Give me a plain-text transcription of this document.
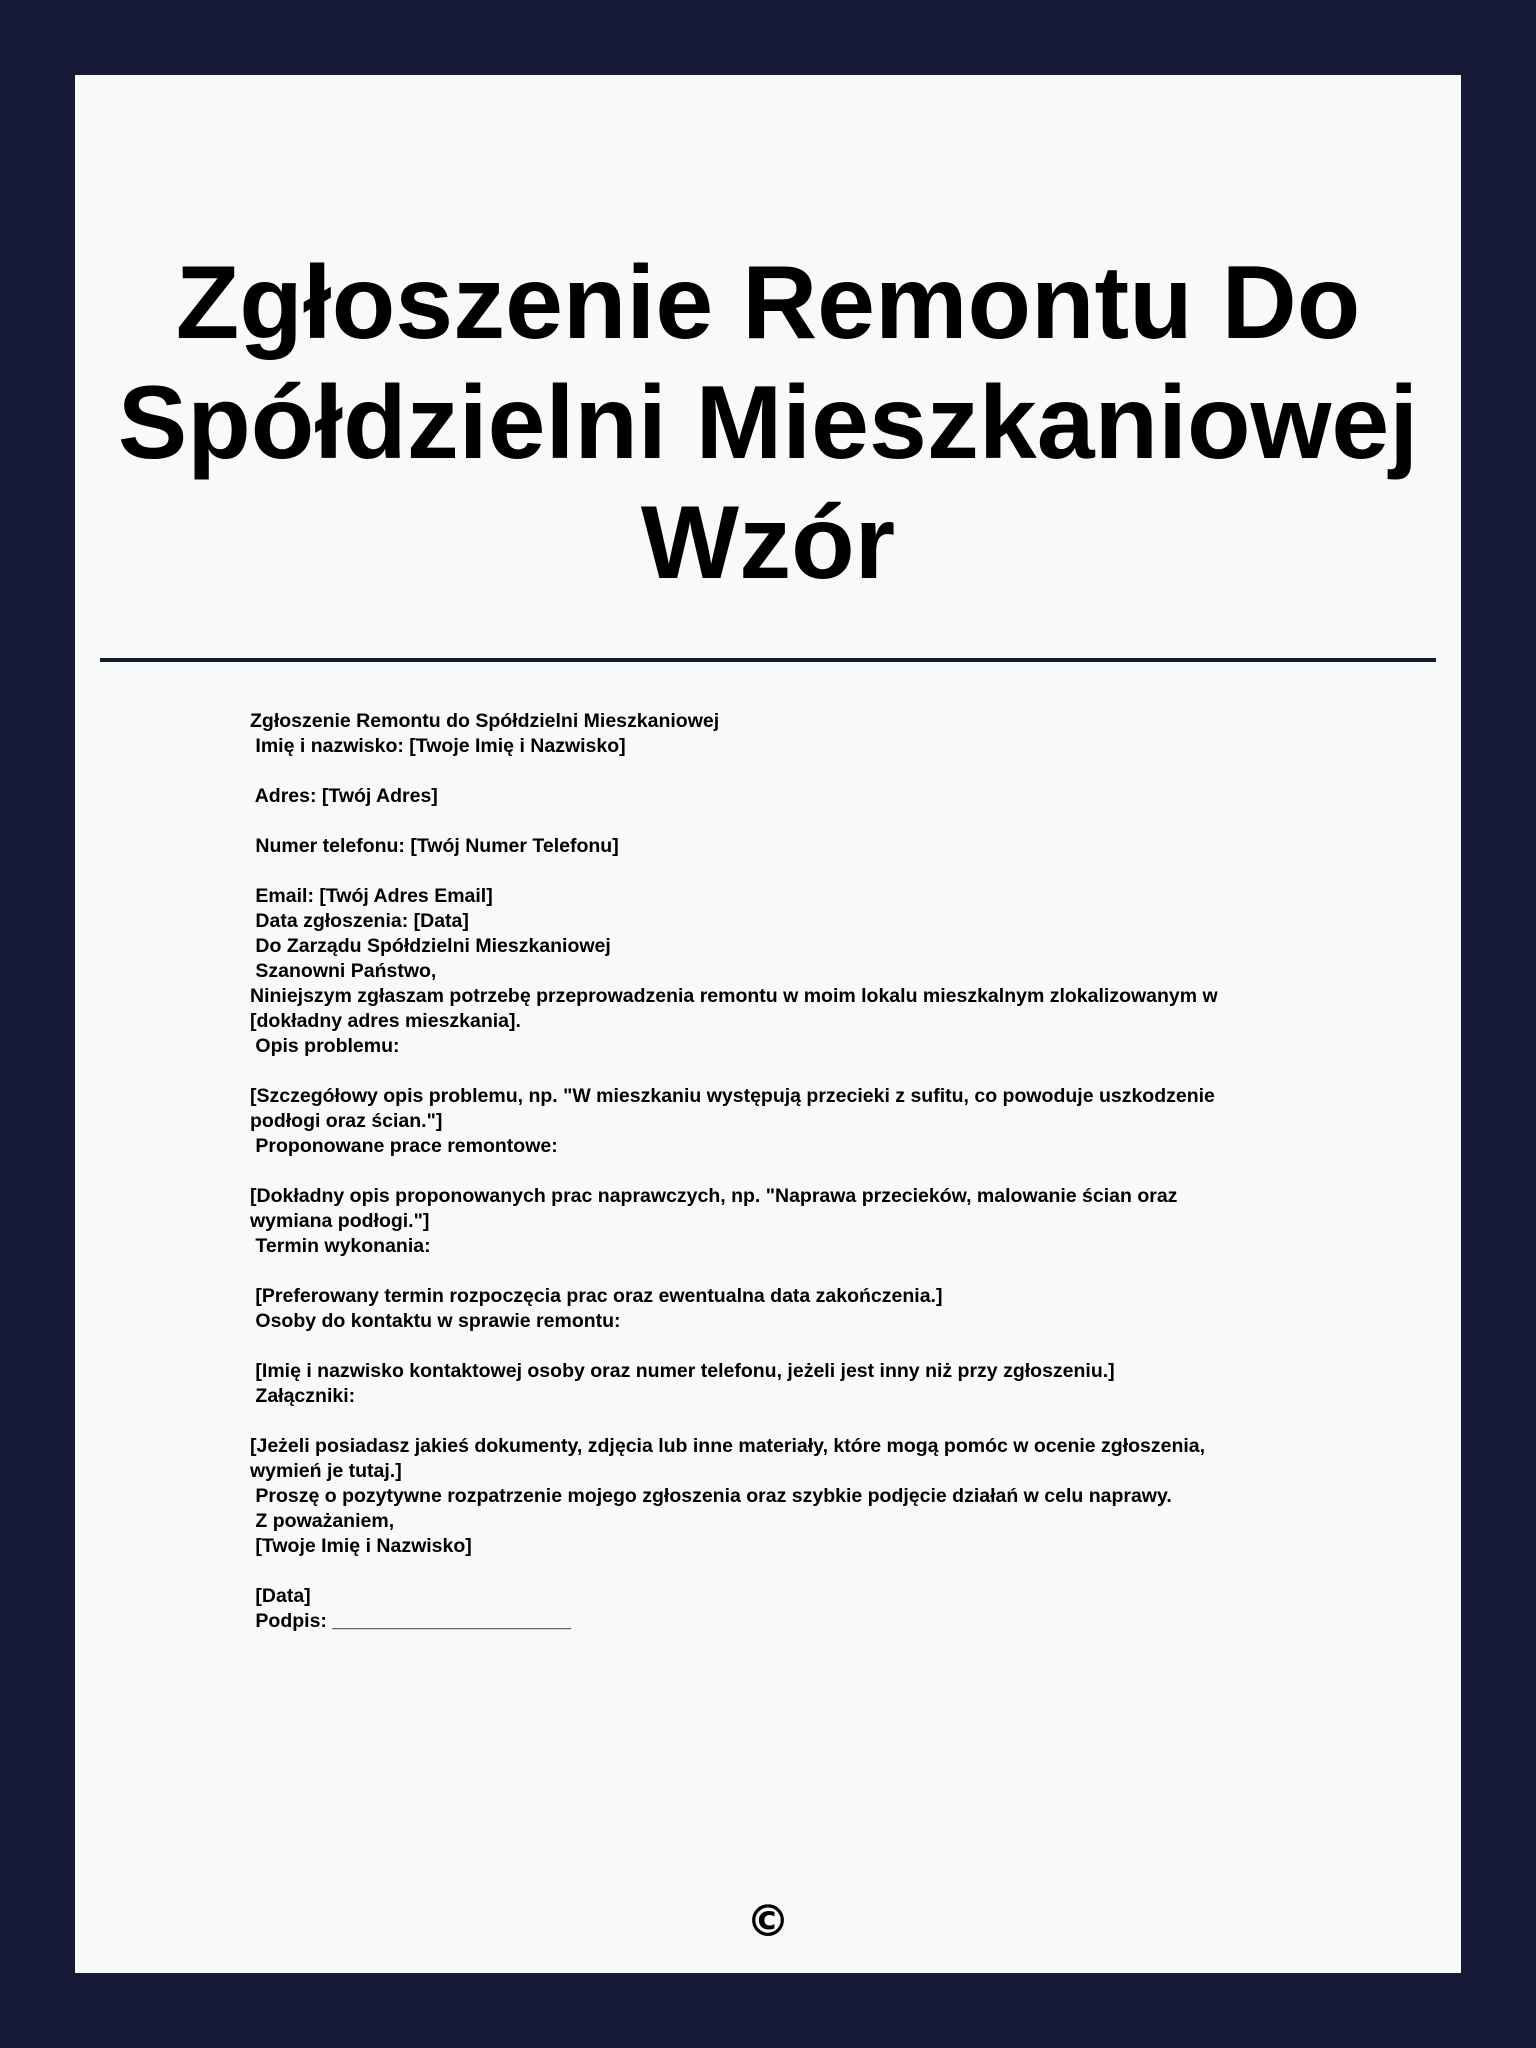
Zgłoszenie Remontu Do
Spółdzielni Mieszkaniowej
Wzór
Zgłoszenie Remontu do Spółdzielni Mieszkaniowej
Imię i nazwisko: [Twoje Imię i Nazwisko]
Adres: [Twój Adres]
Numer telefonu: [Twój Numer Telefonu]
Email: [Twój Adres Email]
Data zgłoszenia: [Data]
Do Zarządu Spółdzielni Mieszkaniowej
Szanowni Państwo,
Niniejszym zgłaszam potrzebę przeprowadzenia remontu w moim lokalu mieszkalnym zlokalizowanym w
[dokładny adres mieszkania].
Opis problemu:
[Szczegółowy opis problemu, np. "W mieszkaniu występują przecieki z sufitu, co powoduje uszkodzenie
podłogi oraz ścian."]
Proponowane prace remontowe:
[Dokładny opis proponowanych prac naprawczych, np. "Naprawa przecieków, malowanie ścian oraz
wymiana podłogi."]
Termin wykonania:
[Preferowany termin rozpoczęcia prac oraz ewentualna data zakończenia.]
Osoby do kontaktu w sprawie remontu:
[Imię i nazwisko kontaktowej osoby oraz numer telefonu, jeżeli jest inny niż przy zgłoszeniu.]
Załączniki:
[Jeżeli posiadasz jakieś dokumenty, zdjęcia lub inne materiały, które mogą pomóc w ocenie zgłoszenia,
wymień je tutaj.]
Proszę o pozytywne rozpatrzenie mojego zgłoszenia oraz szybkie podjęcie działań w celu naprawy.
Z poważaniem,
[Twoje Imię i Nazwisko]
[Data]
Podpis: ______________________
©
